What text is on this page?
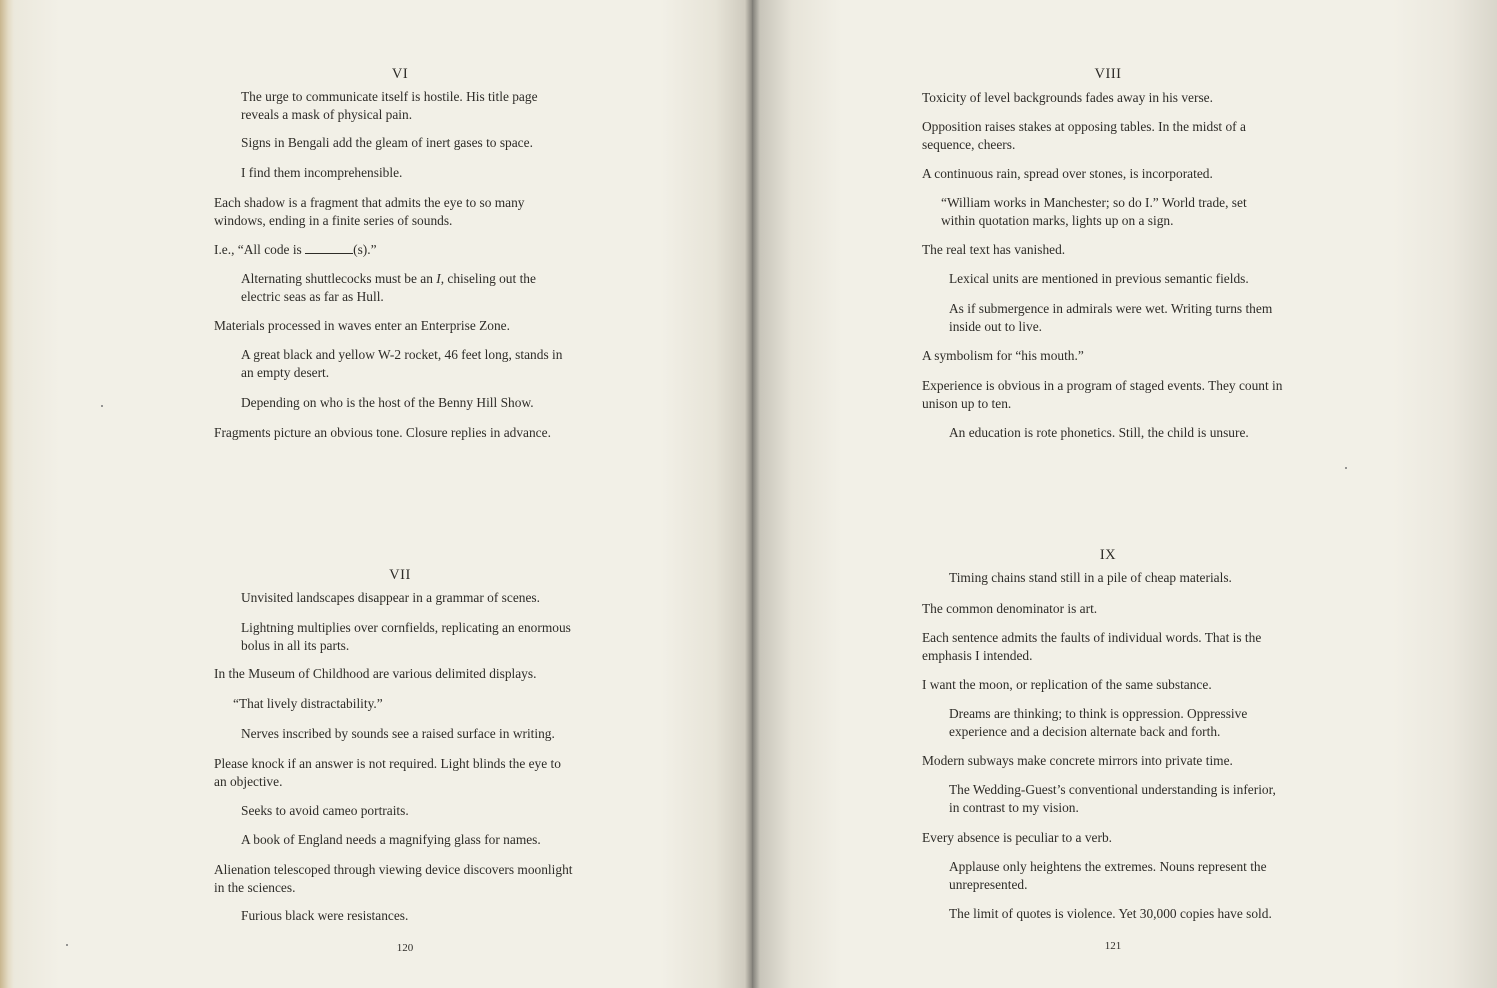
VI
The urge to communicate itself is hostile. His title page
reveals a mask of physical pain.
Signs in Bengali add the gleam of inert gases to space.
I find them incomprehensible.
Each shadow is a fragment that admits the eye to so many
windows, ending in a finite series of sounds.
I.e., “All code is	(s).”
Alternating shuttlecocks must be an I, chiseling out the
electric seas as far as Hull.
Materials processed in waves enter an Enterprise Zone.
A great black and yellow W-2 rocket, 46 feet long, stands in
an empty desert.
Depending on who is the host of the Benny Hill Show.
Fragments picture an obvious tone. Closure replies in advance.
VII
Unvisited landscapes disappear in a grammar of scenes.
Lightning multiplies over cornfields, replicating an enormous
bolus in all its parts.
In the Museum of Childhood are various delimited displays.
“That lively distractability.”
Nerves inscribed by sounds see a raised surface in writing.
Please knock if an answer is not required. Light blinds the eye to
an objective.
Seeks to avoid cameo portraits.
A book of England needs a magnifying glass for names.
Alienation telescoped through viewing device discovers moonlight
in the sciences.
Furious black were resistances.
120
VIII
Toxicity of level backgrounds fades away in his verse.
Opposition raises stakes at opposing tables. In the midst of a
sequence, cheers.
A continuous rain, spread over stones, is incorporated.
“William works in Manchester; so do I.” World trade, set
within quotation marks, lights up on a sign.
The real text has vanished.
Lexical units are mentioned in previous semantic fields.
As if submergence in admirals were wet. Writing turns them
inside out to live.
A symbolism for “his mouth.”
Experience is obvious in a program of staged events. They count in
unison up to ten.
An education is rote phonetics. Still, the child is unsure.
IX
Timing chains stand still in a pile of cheap materials.
The common denominator is art.
Each sentence admits the faults of individual words. That is the
emphasis I intended.
I want the moon, or replication of the same substance.
Dreams are thinking; to think is oppression. Oppressive
experience and a decision alternate back and forth.
Modern subways make concrete mirrors into private time.
The Wedding-Guest’s conventional understanding is inferior,
in contrast to my vision.
Every absence is peculiar to a verb.
Applause only heightens the extremes. Nouns represent the
unrepresented.
The limit of quotes is violence. Yet 30,000 copies have sold.
121
